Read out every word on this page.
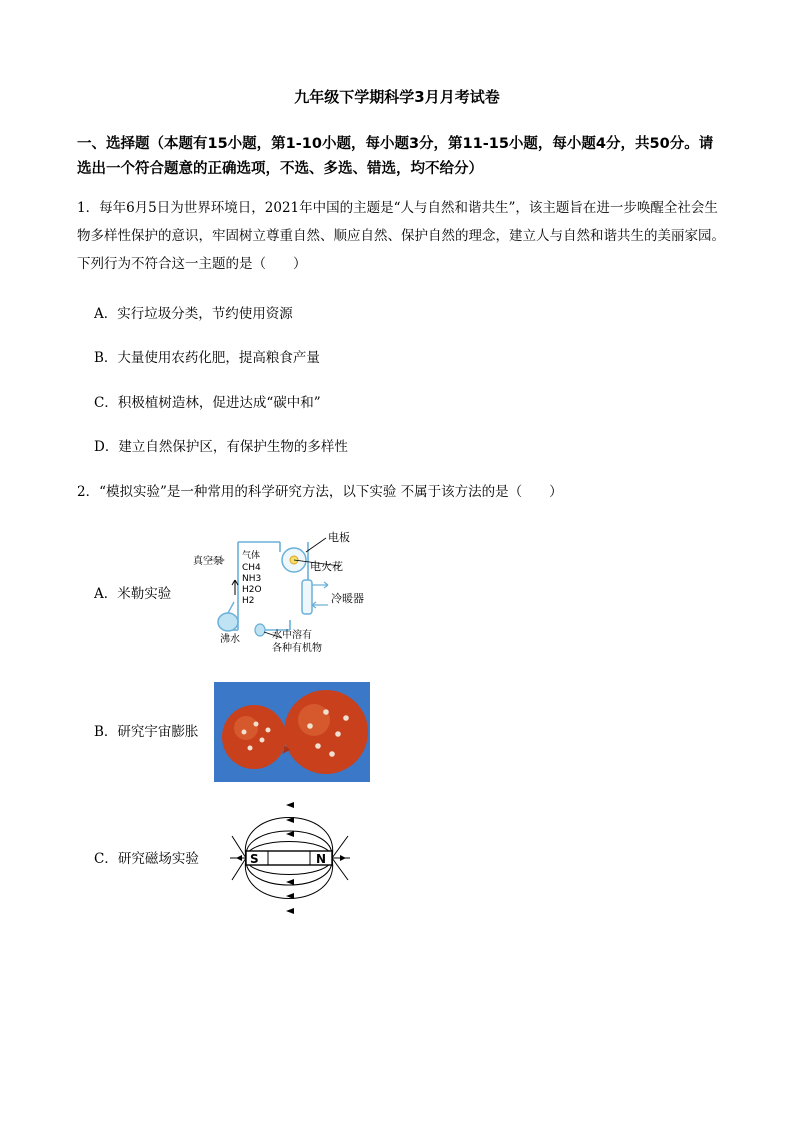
九年级下学期科学3月月考试卷
一、选择题（本题有15小题，第1-10小题，每小题3分，第11-15小题，每小题4分，共50分。请选出一个符合题意的正确选项，不选、多选、错选，均不给分）
1．每年6月5日为世界环境日，2021年中国的主题是“人与自然和谐共生”，该主题旨在进一步唤醒全社会生物多样性保护的意识，牢固树立尊重自然、顺应自然、保护自然的理念，建立人与自然和谐共生的美丽家园。下列行为不符合这一主题的是（　　）
A．实行垃圾分类，节约使用资源
B．大量使用农药化肥，提高粮食产量
C．积极植树造林，促进达成“碳中和”
D．建立自然保护区，有保护生物的多样性
2．“模拟实验”是一种常用的科学研究方法，以下实验 不属于该方法的是（　　）
A．米勒实验
B．研究宇宙膨胀
C．研究磁场实验
电板
气体
CH4
NH3
H2O
H2
电火花
真空泵
冷暖器
沸水	水中溶有
各种有机物
S	N
